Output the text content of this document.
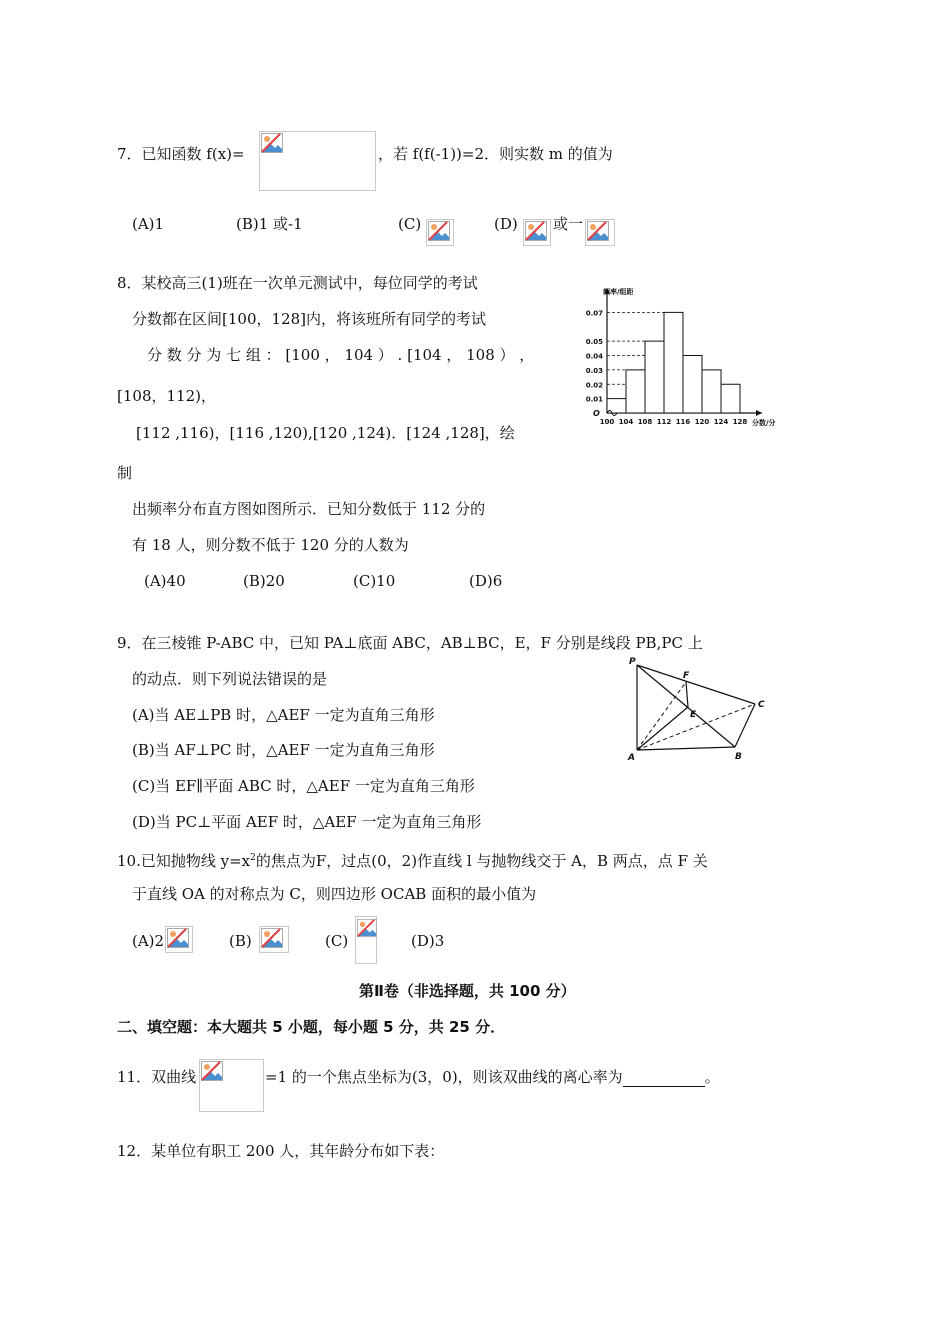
7．已知函数 f(x)=	，若 f(f(-1))=2．则实数 m 的值为
(A)1	(B)1 或-1	(C)	(D) 或一
8．某校高三(1)班在一次单元测试中，每位同学的考试
分数都在区间[100，128]内，将该班所有同学的考试
分 数 分 为 七 组 ： [100 ， 104 ） . [104 ， 108 ） ，
[108，112)，
[112 ,116)，[116 ,120),[120 ,124)．[124 ,128]，绘
制
出频率分布直方图如图所示．已知分数低于 112 分的
有 18 人，则分数不低于 120 分的人数为
(A)40	(B)20	(C)10	(D)6
0.01
0.02
0.03
0.04
0.05
0.07
100 104 108 112 116 120 124 128
频率/组距
分数/分
O
9．在三棱锥 P-ABC 中，已知 PA⊥底面 ABC，AB⊥BC，E，F 分别是线段 PB,PC 上
的动点．则下列说法错误的是
(A)当 AE⊥PB 时，△AEF 一定为直角三角形
(B)当 AF⊥PC 时，△AEF 一定为直角三角形
(C)当 EF∥平面 ABC 时，△AEF 一定为直角三角形
(D)当 PC⊥平面 AEF 时，△AEF 一定为直角三角形
P
F
E
C
A	B
10.已知抛物线 $y=x^2$的焦点为F，过点(0，2)作直线 l 与抛物线交于 A，B 两点，点 F 关
于直线 OA 的对称点为 C，则四边形 OCAB 面积的最小值为
(A)2	(B)	(C)	(D)3
第Ⅱ卷（非选择题，共 100 分）
二、填空题：本大题共 5 小题，每小题 5 分，共 25 分．
11．双曲线	=1 的一个焦点坐标为(3，0)，则该双曲线的离心率为	。
12．某单位有职工 200 人，其年龄分布如下表：
